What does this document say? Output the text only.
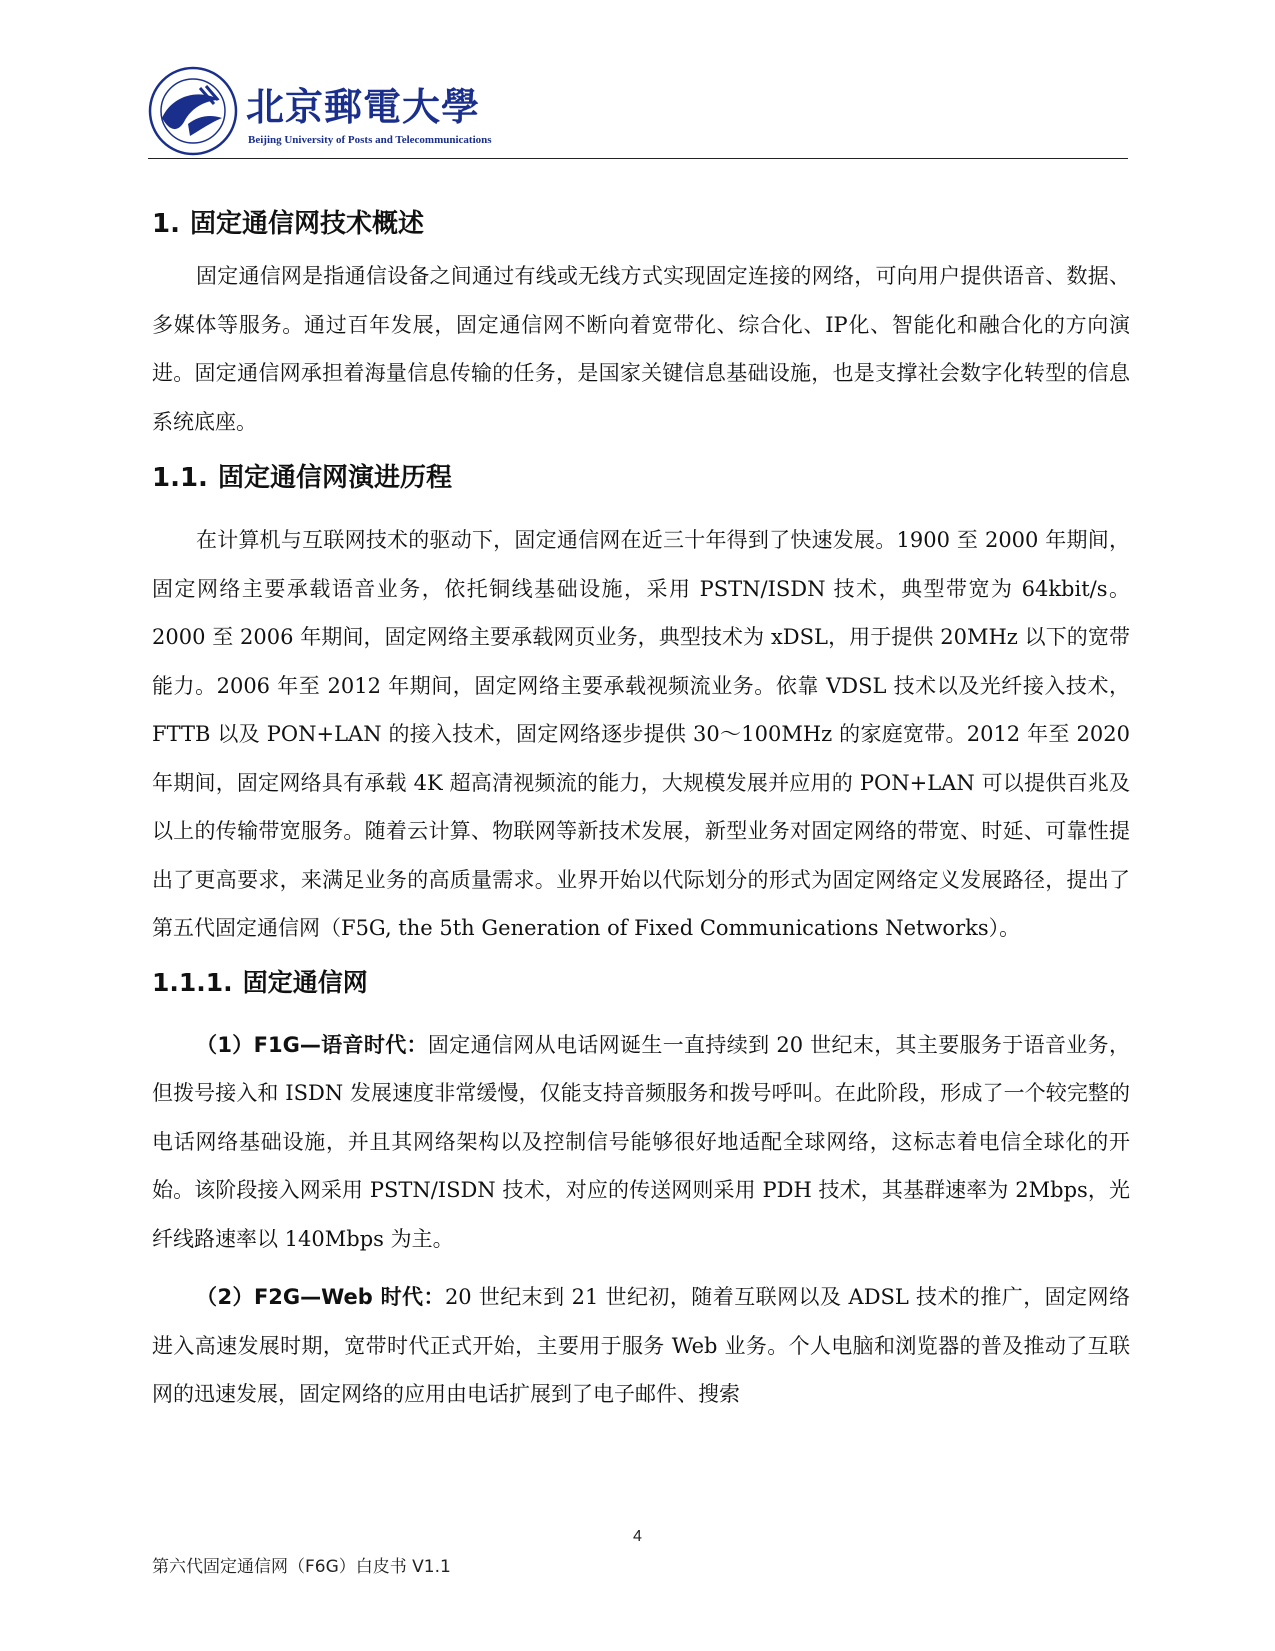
北京郵電大學
Beijing University of Posts and Telecommunications
1. 固定通信网技术概述

固定通信网是指通信设备之间通过有线或无线方式实现固定连接的网络，可向用户提供语音、数据、多媒体等服务。通过百年发展，固定通信网不断向着宽带化、综合化、IP化、智能化和融合化的方向演进。固定通信网承担着海量信息传输的任务，是国家关键信息基础设施，也是支撑社会数字化转型的信息系统底座。

1.1. 固定通信网演进历程

在计算机与互联网技术的驱动下，固定通信网在近三十年得到了快速发展。1900 至 2000 年期间，固定网络主要承载语音业务，依托铜线基础设施，采用 PSTN/ISDN 技术，典型带宽为 64kbit/s。2000 至 2006 年期间，固定网络主要承载网页业务，典型技术为 xDSL，用于提供 20MHz 以下的宽带能力。2006 年至 2012 年期间，固定网络主要承载视频流业务。依靠 VDSL 技术以及光纤接入技术，FTTB 以及 PON+LAN 的接入技术，固定网络逐步提供 30～100MHz 的家庭宽带。2012 年至 2020 年期间，固定网络具有承载 4K 超高清视频流的能力，大规模发展并应用的 PON+LAN 可以提供百兆及以上的传输带宽服务。随着云计算、物联网等新技术发展，新型业务对固定网络的带宽、时延、可靠性提出了更高要求，来满足业务的高质量需求。业界开始以代际划分的形式为固定网络定义发展路径，提出了第五代固定通信网（F5G, the 5th Generation of Fixed Communications Networks）。

1.1.1. 固定通信网

（1）F1G—语音时代：固定通信网从电话网诞生一直持续到 20 世纪末，其主要服务于语音业务，但拨号接入和 ISDN 发展速度非常缓慢，仅能支持音频服务和拨号呼叫。在此阶段，形成了一个较完整的电话网络基础设施，并且其网络架构以及控制信号能够很好地适配全球网络，这标志着电信全球化的开始。该阶段接入网采用 PSTN/ISDN 技术，对应的传送网则采用 PDH 技术，其基群速率为 2Mbps，光纤线路速率以 140Mbps 为主。

（2）F2G—Web 时代：20 世纪末到 21 世纪初，随着互联网以及 ADSL 技术的推广，固定网络进入高速发展时期，宽带时代正式开始，主要用于服务 Web 业务。个人电脑和浏览器的普及推动了互联网的迅速发展，固定网络的应用由电话扩展到了电子邮件、搜索

4
第六代固定通信网（F6G）白皮书 V1.1
